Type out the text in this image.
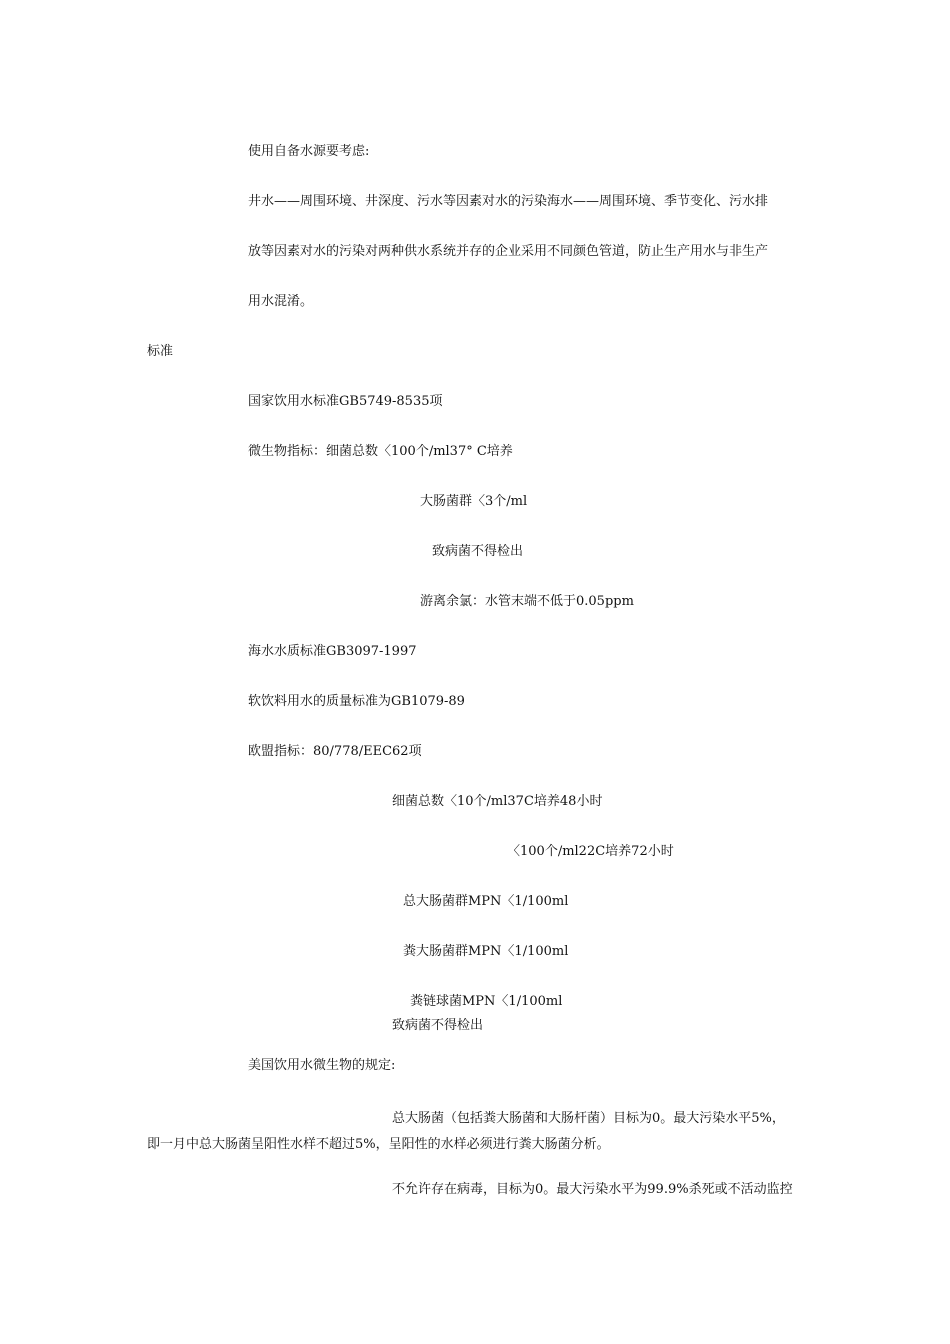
使用自备水源要考虑:
井水——周围环境、井深度、污水等因素对水的污染海水——周围环境、季节变化、污水排
放等因素对水的污染对两种供水系统并存的企业采用不同颜色管道，防止生产用水与非生产
用水混淆。
标准
国家饮用水标准GB5749-8535项
微生物指标：细菌总数〈100个/ml37° C培养
大肠菌群〈3个/ml
致病菌不得检出
游离余氯：水管末端不低于0.05ppm
海水水质标准GB3097-1997
软饮料用水的质量标准为GB1079-89
欧盟指标：80/778/EEC62项
细菌总数〈10个/ml37C培养48小时
〈100个/ml22C培养72小时
总大肠菌群MPN〈1/100ml
粪大肠菌群MPN〈1/100ml
粪链球菌MPN〈1/100ml
致病菌不得检出
美国饮用水微生物的规定:
总大肠菌（包括粪大肠菌和大肠杆菌）目标为0。最大污染水平5%，
即一月中总大肠菌呈阳性水样不超过5%，呈阳性的水样必须进行粪大肠菌分析。
不允许存在病毒，目标为0。最大污染水平为99.9%杀死或不活动监控
